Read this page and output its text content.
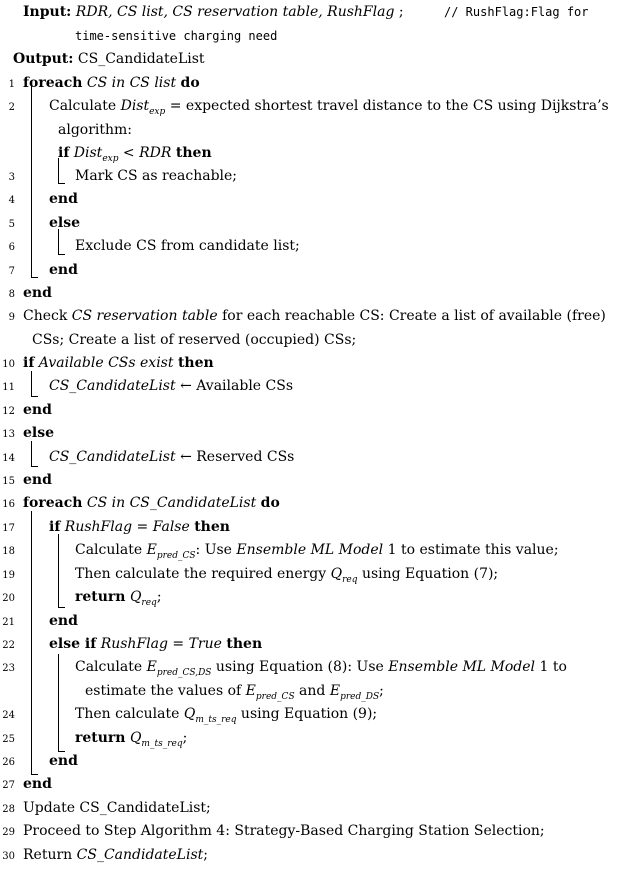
Input: RDR, CS list, CS reservation table, RushFlag ;	// RushFlag:Flag for
time-sensitive charging need
Output: CS_CandidateList
1 foreach CS in CS list do
2 Calculate Dist$_{exp}$ = expected shortest travel distance to the CS using Dijkstra’s
algorithm:
if Dist$_{exp}$ < RDR then
3	Mark CS as reachable;
4 end
5 else
6	Exclude CS from candidate list;
7 end
8 end
9 Check CS reservation table for each reachable CS: Create a list of available (free)
CSs; Create a list of reserved (occupied) CSs;
10 if Available CSs exist then
11 CS_CandidateList ← Available CSs
12 end
13 else
14 CS_CandidateList ← Reserved CSs
15 end
16 foreach CS in CS_CandidateList do
17 if RushFlag = False then
18	Calculate $E_{pred\_CS}$: Use Ensemble ML Model 1 to estimate this value;
19	Then calculate the required energy $Q_{req}$ using Equation (7);
20	return $Q_{req}$;
21 end
22 else if RushFlag = True then
23	Calculate $E_{pred\_CS,DS}$ using Equation (8): Use Ensemble ML Model 1 to
estimate the values of $E_{pred\_CS}$ and $E_{pred\_DS}$;
24	Then calculate $Q_{m\_ts\_req}$ using Equation (9);
25	return $Q_{m\_ts\_req}$;
26 end
27 end
28 Update CS_CandidateList;
29 Proceed to Step Algorithm 4: Strategy-Based Charging Station Selection;
30 Return CS_CandidateList;
